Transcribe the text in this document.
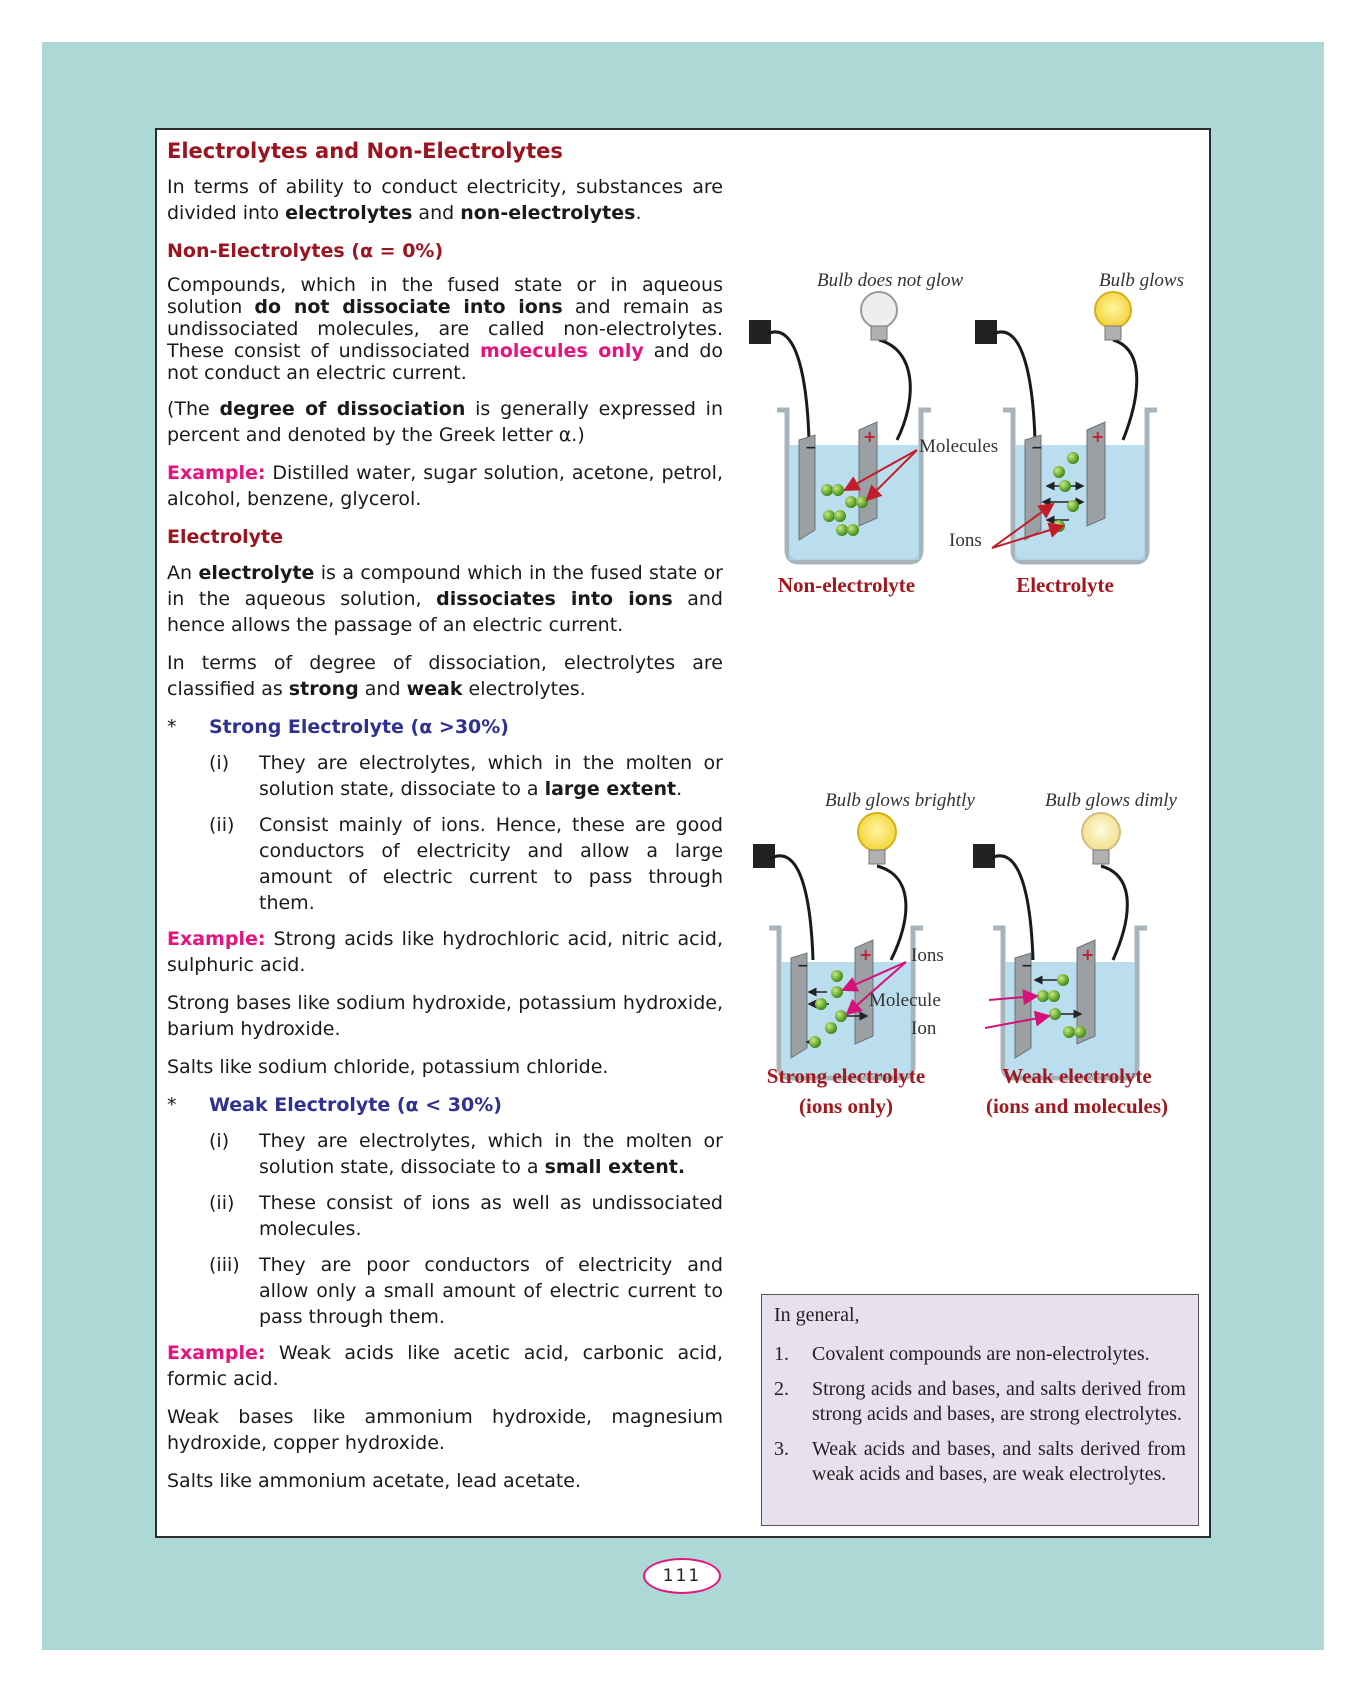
Electrolytes and Non-Electrolytes

In terms of ability to conduct electricity, substances are divided into electrolytes and non-electrolytes.

Non-Electrolytes (α = 0%)

Compounds, which in the fused state or in aqueous solution do not dissociate into ions and remain as undissociated molecules, are called non-electrolytes. These consist of undissociated molecules only and do not conduct an electric current.

(The degree of dissociation is generally expressed in percent and denoted by the Greek letter α.)

Example: Distilled water, sugar solution, acetone, petrol, alcohol, benzene, glycerol.

Electrolyte

An electrolyte is a compound which in the fused state or in the aqueous solution, dissociates into ions and hence allows the passage of an electric current.

In terms of degree of dissociation, electrolytes are classified as strong and weak electrolytes.

* Strong Electrolyte (α >30%)
(i) They are electrolytes, which in the molten or solution state, dissociate to a large extent.
(ii) Consist mainly of ions. Hence, these are good conductors of electricity and allow a large amount of electric current to pass through them.

Example: Strong acids like hydrochloric acid, nitric acid, sulphuric acid.

Strong bases like sodium hydroxide, potassium hydroxide, barium hydroxide.

Salts like sodium chloride, potassium chloride.

* Weak Electrolyte (α < 30%)
(i) They are electrolytes, which in the molten or solution state, dissociate to a small extent.
(ii) These consist of ions as well as undissociated molecules.
(iii) They are poor conductors of electricity and allow only a small amount of electric current to pass through them.

Example: Weak acids like acetic acid, carbonic acid, formic acid.

Weak bases like ammonium hydroxide, magnesium hydroxide, copper hydroxide.

Salts like ammonium acetate, lead acetate.

Bulb does not glow	Bulb glows
−
+
−
+
Molecules
Ions
Non-electrolyte	Electrolyte
Bulb glows brightly	Bulb glows dimly
−
+
−
+
Ions
Molecule
Ion
Strong electrolyte
(ions only)
Weak electrolyte
(ions and molecules)
In general,
1. Covalent compounds are non-electrolytes.
2. Strong acids and bases, and salts derived from strong acids and bases, are strong electrolytes.
3. Weak acids and bases, and salts derived from weak acids and bases, are weak electrolytes.
111
